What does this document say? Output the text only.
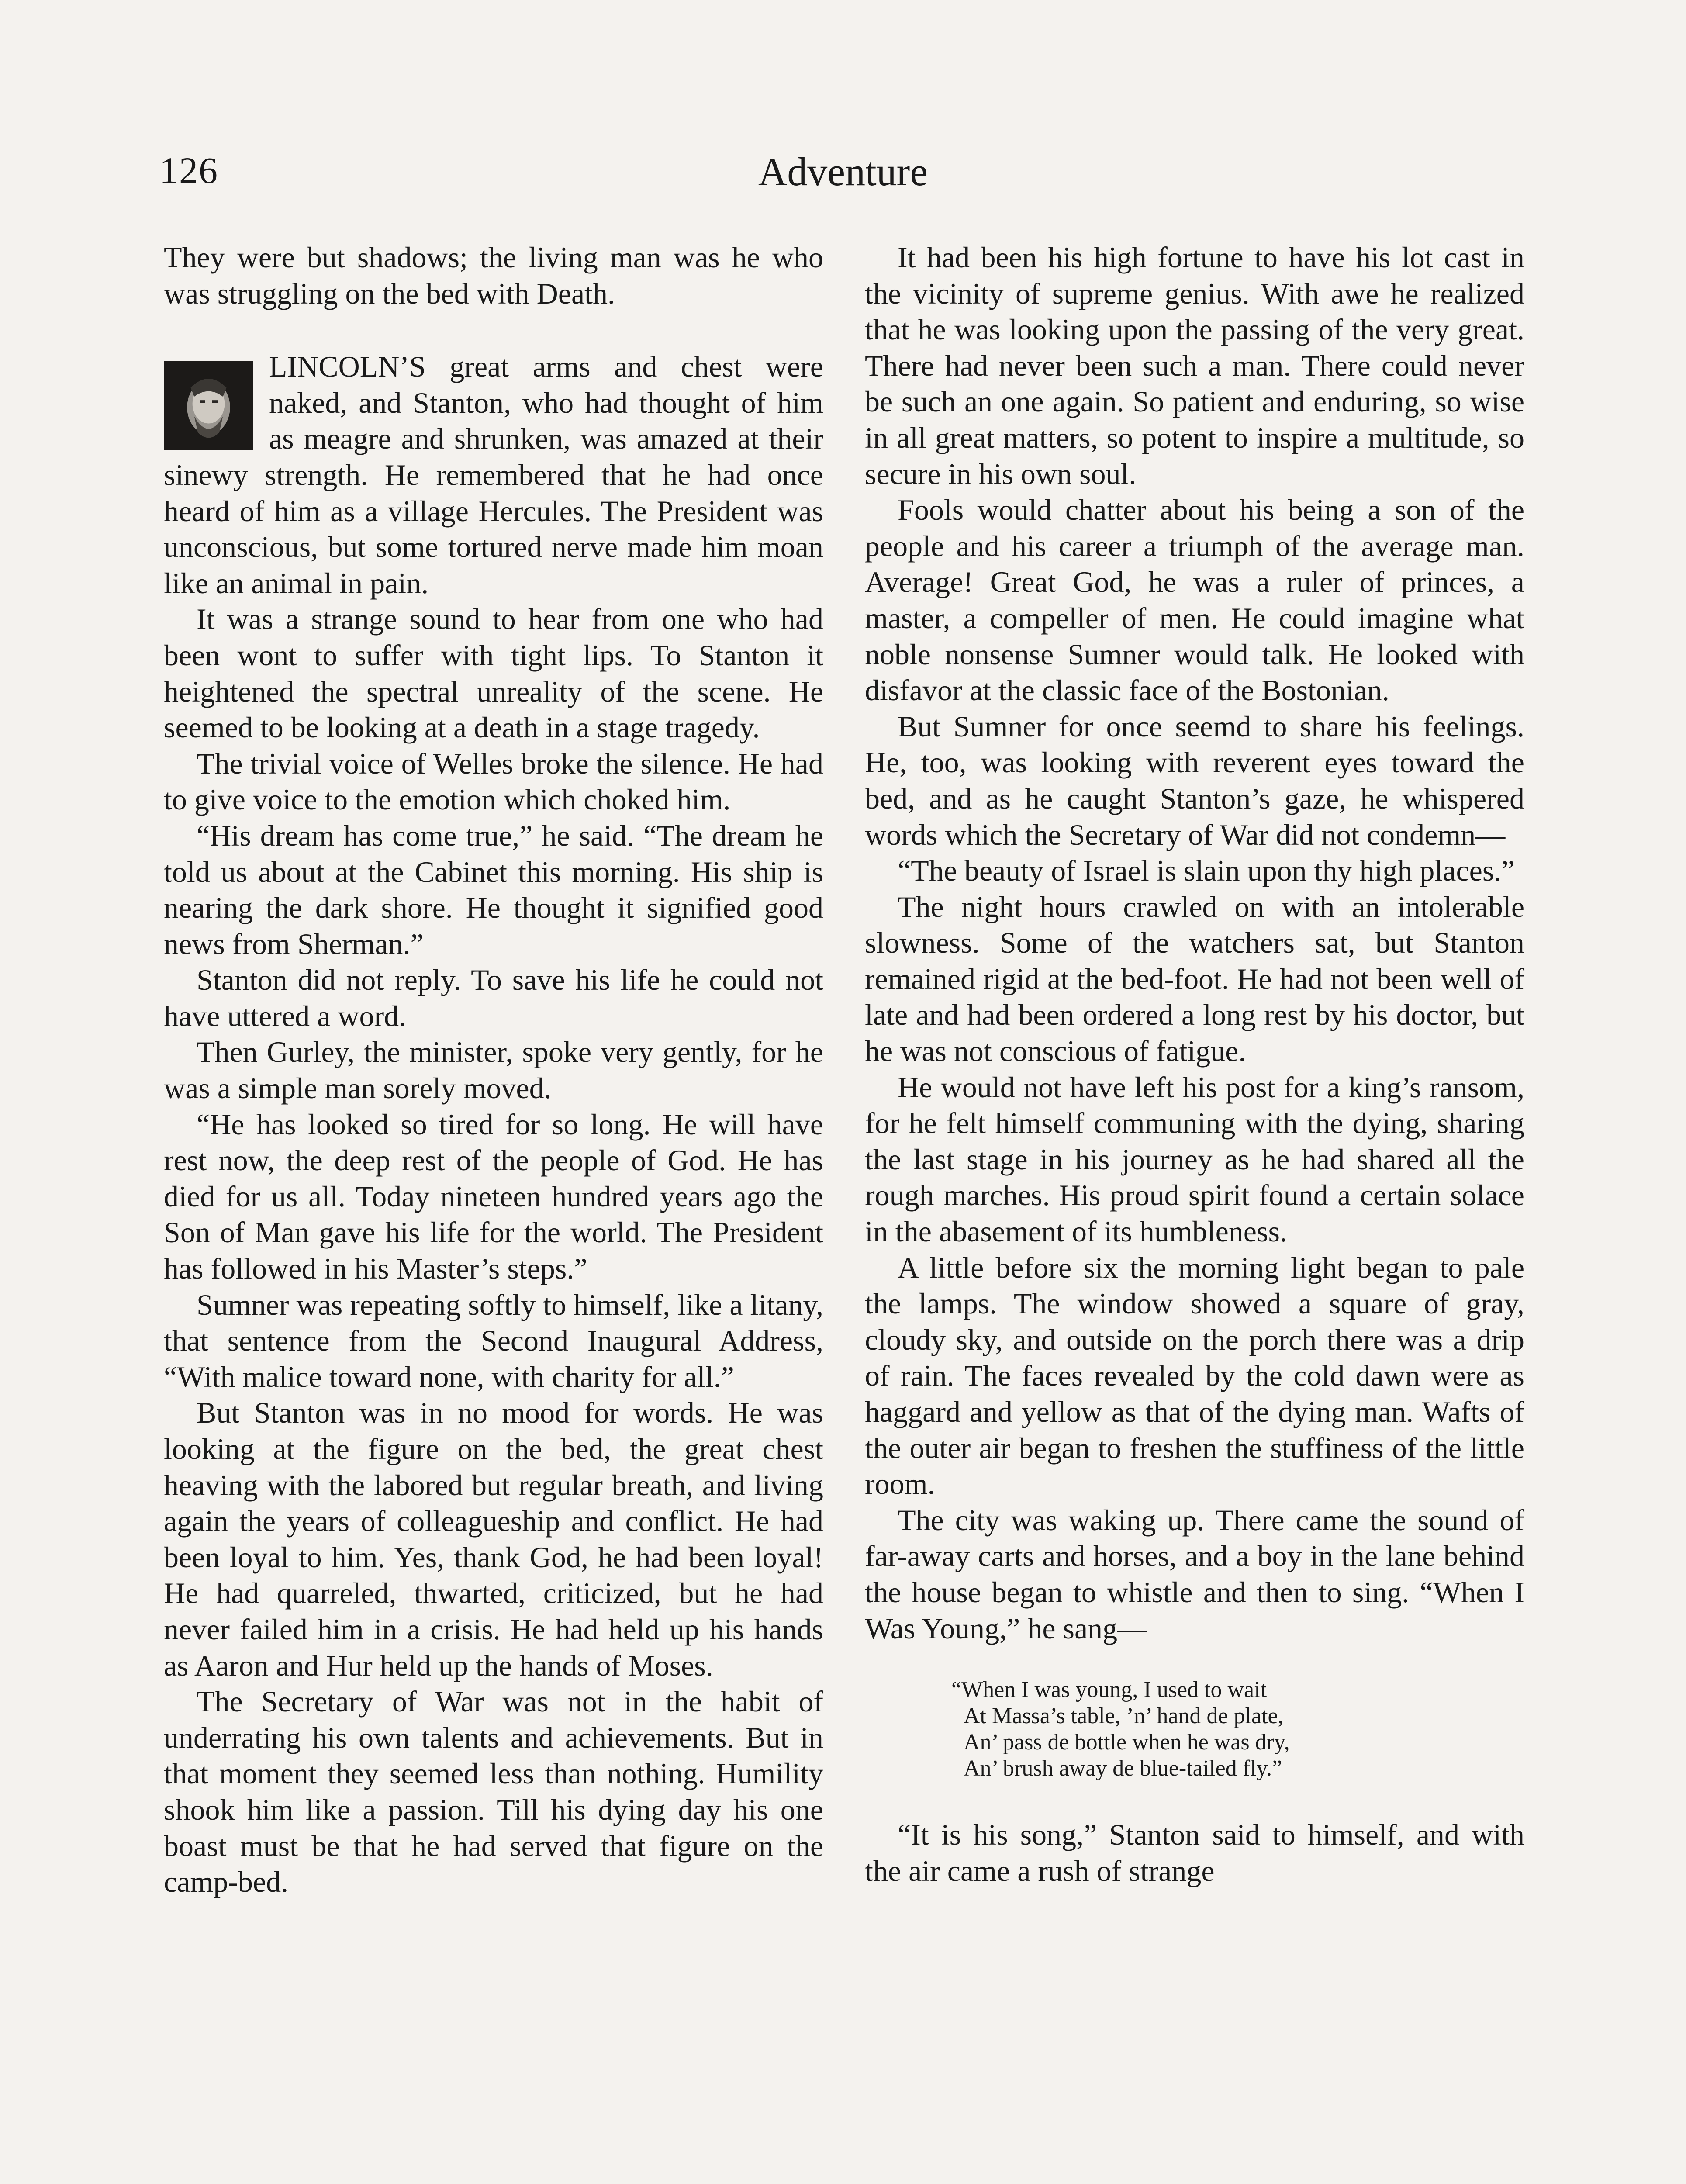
126	Adventure

They were but shadows; the living man was he who was struggling on the bed with Death.

LINCOLN’S great arms and chest were naked, and Stanton, who had thought of him as meagre and shrunken, was amazed at their sinewy strength. He remembered that he had once heard of him as a village Hercules. The President was unconscious, but some tortured nerve made him moan like an animal in pain.

It was a strange sound to hear from one who had been wont to suffer with tight lips. To Stanton it heightened the spectral unreality of the scene. He seemed to be looking at a death in a stage tragedy.

The trivial voice of Welles broke the silence. He had to give voice to the emotion which choked him.

“His dream has come true,” he said. “The dream he told us about at the Cabinet this morning. His ship is nearing the dark shore. He thought it signified good news from Sherman.”

Stanton did not reply. To save his life he could not have uttered a word.

Then Gurley, the minister, spoke very gently, for he was a simple man sorely moved.

“He has looked so tired for so long. He will have rest now, the deep rest of the people of God. He has died for us all. Today nineteen hundred years ago the Son of Man gave his life for the world. The President has followed in his Master’s steps.”

Sumner was repeating softly to himself, like a litany, that sentence from the Second Inaugural Address, “With malice toward none, with charity for all.”

But Stanton was in no mood for words. He was looking at the figure on the bed, the great chest heaving with the labored but regular breath, and living again the years of colleagueship and conflict. He had been loyal to him. Yes, thank God, he had been loyal! He had quarreled, thwarted, criticized, but he had never failed him in a crisis. He had held up his hands as Aaron and Hur held up the hands of Moses.

The Secretary of War was not in the habit of underrating his own talents and achievements. But in that moment they seemed less than nothing. Humility shook him like a passion. Till his dying day his one boast must be that he had served that figure on the camp-bed.

It had been his high fortune to have his lot cast in the vicinity of supreme genius. With awe he realized that he was looking upon the passing of the very great. There had never been such a man. There could never be such an one again. So patient and enduring, so wise in all great matters, so potent to inspire a multitude, so secure in his own soul.

Fools would chatter about his being a son of the people and his career a triumph of the average man. Average! Great God, he was a ruler of princes, a master, a compeller of men. He could imagine what noble nonsense Sumner would talk. He looked with disfavor at the classic face of the Bostonian.

But Sumner for once seemd to share his feelings. He, too, was looking with reverent eyes toward the bed, and as he caught Stanton’s gaze, he whispered words which the Secretary of War did not condemn—

“The beauty of Israel is slain upon thy high places.”

The night hours crawled on with an intolerable slowness. Some of the watchers sat, but Stanton remained rigid at the bed-foot. He had not been well of late and had been ordered a long rest by his doctor, but he was not conscious of fatigue.

He would not have left his post for a king’s ransom, for he felt himself communing with the dying, sharing the last stage in his journey as he had shared all the rough marches. His proud spirit found a certain solace in the abasement of its humbleness.

A little before six the morning light began to pale the lamps. The window showed a square of gray, cloudy sky, and outside on the porch there was a drip of rain. The faces revealed by the cold dawn were as haggard and yellow as that of the dying man. Wafts of the outer air began to freshen the stuffiness of the little room.

The city was waking up. There came the sound of far-away carts and horses, and a boy in the lane behind the house began to whistle and then to sing. “When I Was Young,” he sang—

“When I was young, I used to wait
At Massa’s table, ’n’ hand de plate,
An’ pass de bottle when he was dry,
An’ brush away de blue-tailed fly.”

“It is his song,” Stanton said to himself, and with the air came a rush of strange
